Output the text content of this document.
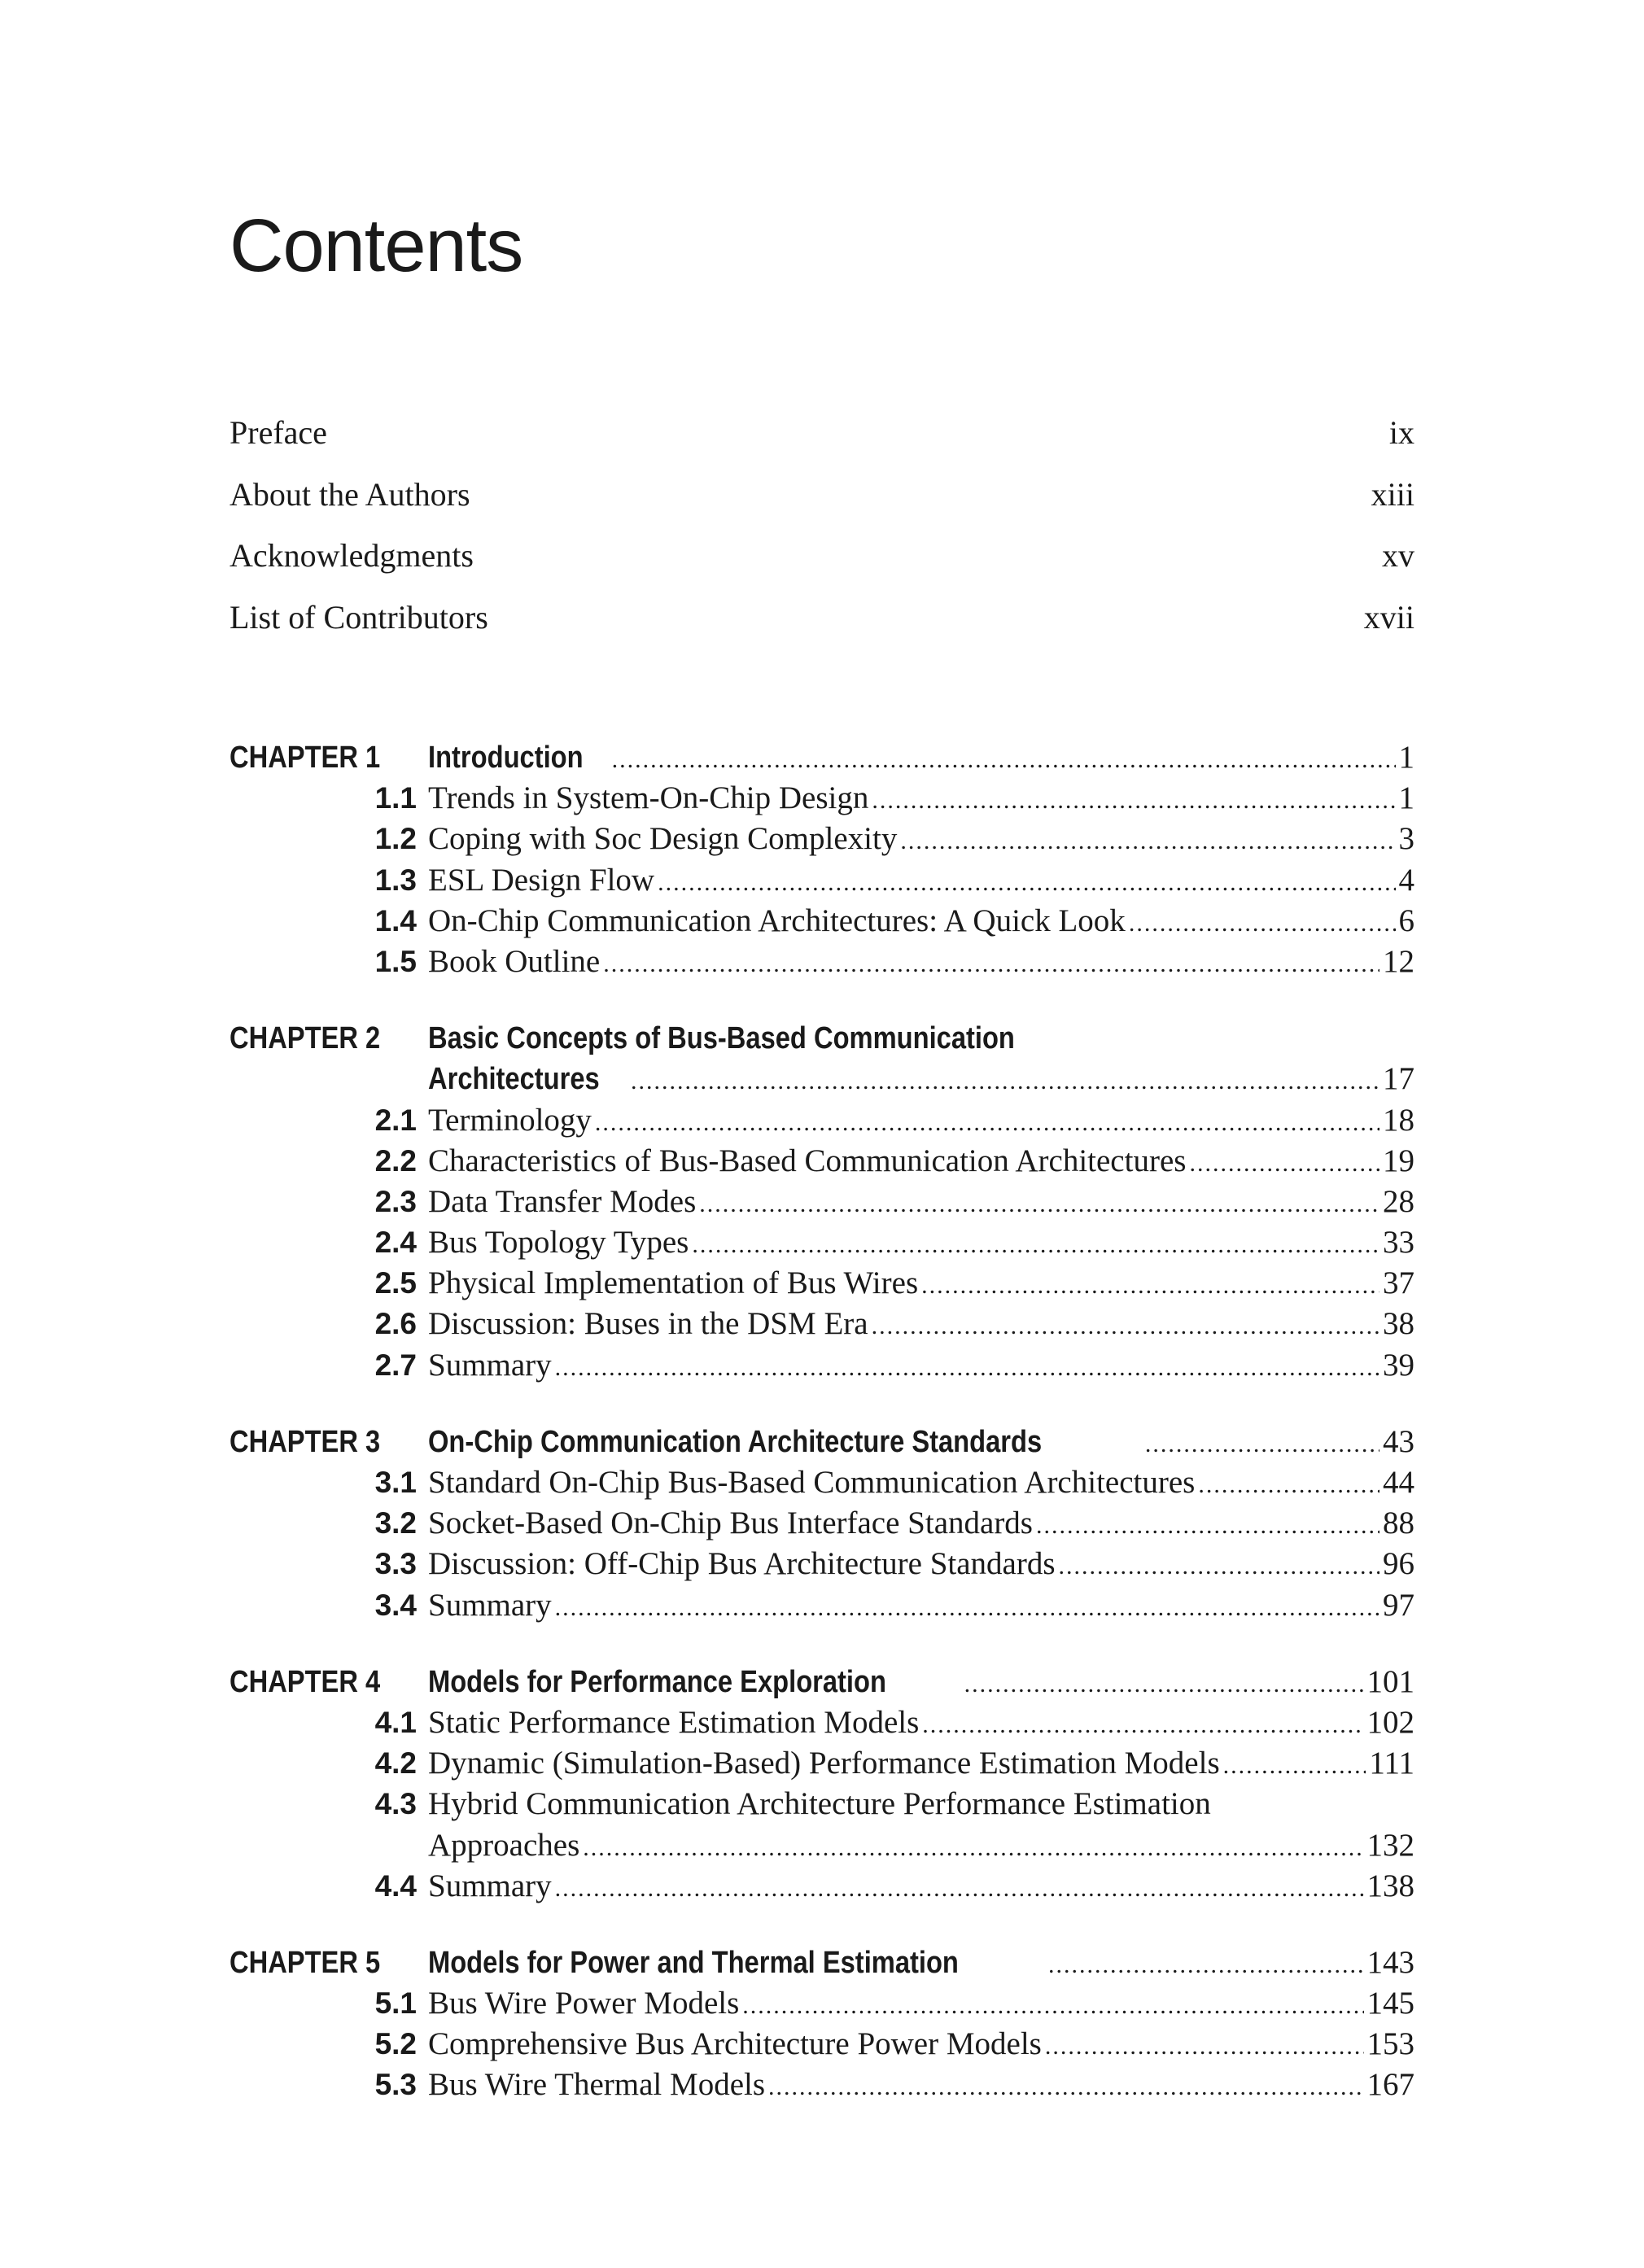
Contents
Preface	ix
About the Authors	xiii
Acknowledgments	xv
List of Contributors	xvii
CHAPTER 1	Introduction .....	1
1.1 Trends in System-On-Chip Design .....	1
1.2 Coping with Soc Design Complexity .....	3
1.3 ESL Design Flow .....	4
1.4 On-Chip Communication Architectures: A Quick Look .....	6
1.5 Book Outline .....	12
CHAPTER 2	Basic Concepts of Bus-Based Communication
Architectures .....	17
2.1 Terminology .....	18
2.2 Characteristics of Bus-Based Communication Architectures .....	19
2.3 Data Transfer Modes .....	28
2.4 Bus Topology Types .....	33
2.5 Physical Implementation of Bus Wires .....	37
2.6 Discussion: Buses in the DSM Era .....	38
2.7 Summary .....	39
CHAPTER 3	On-Chip Communication Architecture Standards .....	43
3.1 Standard On-Chip Bus-Based Communication Architectures .....	44
3.2 Socket-Based On-Chip Bus Interface Standards .....	88
3.3 Discussion: Off-Chip Bus Architecture Standards .....	96
3.4 Summary .....	97
CHAPTER 4	Models for Performance Exploration .....	101
4.1 Static Performance Estimation Models .....	102
4.2 Dynamic (Simulation-Based) Performance Estimation Models .....	111
4.3 Hybrid Communication Architecture Performance Estimation
Approaches .....	132
4.4 Summary .....	138
CHAPTER 5	Models for Power and Thermal Estimation .....	143
5.1 Bus Wire Power Models .....	145
5.2 Comprehensive Bus Architecture Power Models .....	153
5.3 Bus Wire Thermal Models .....	167
